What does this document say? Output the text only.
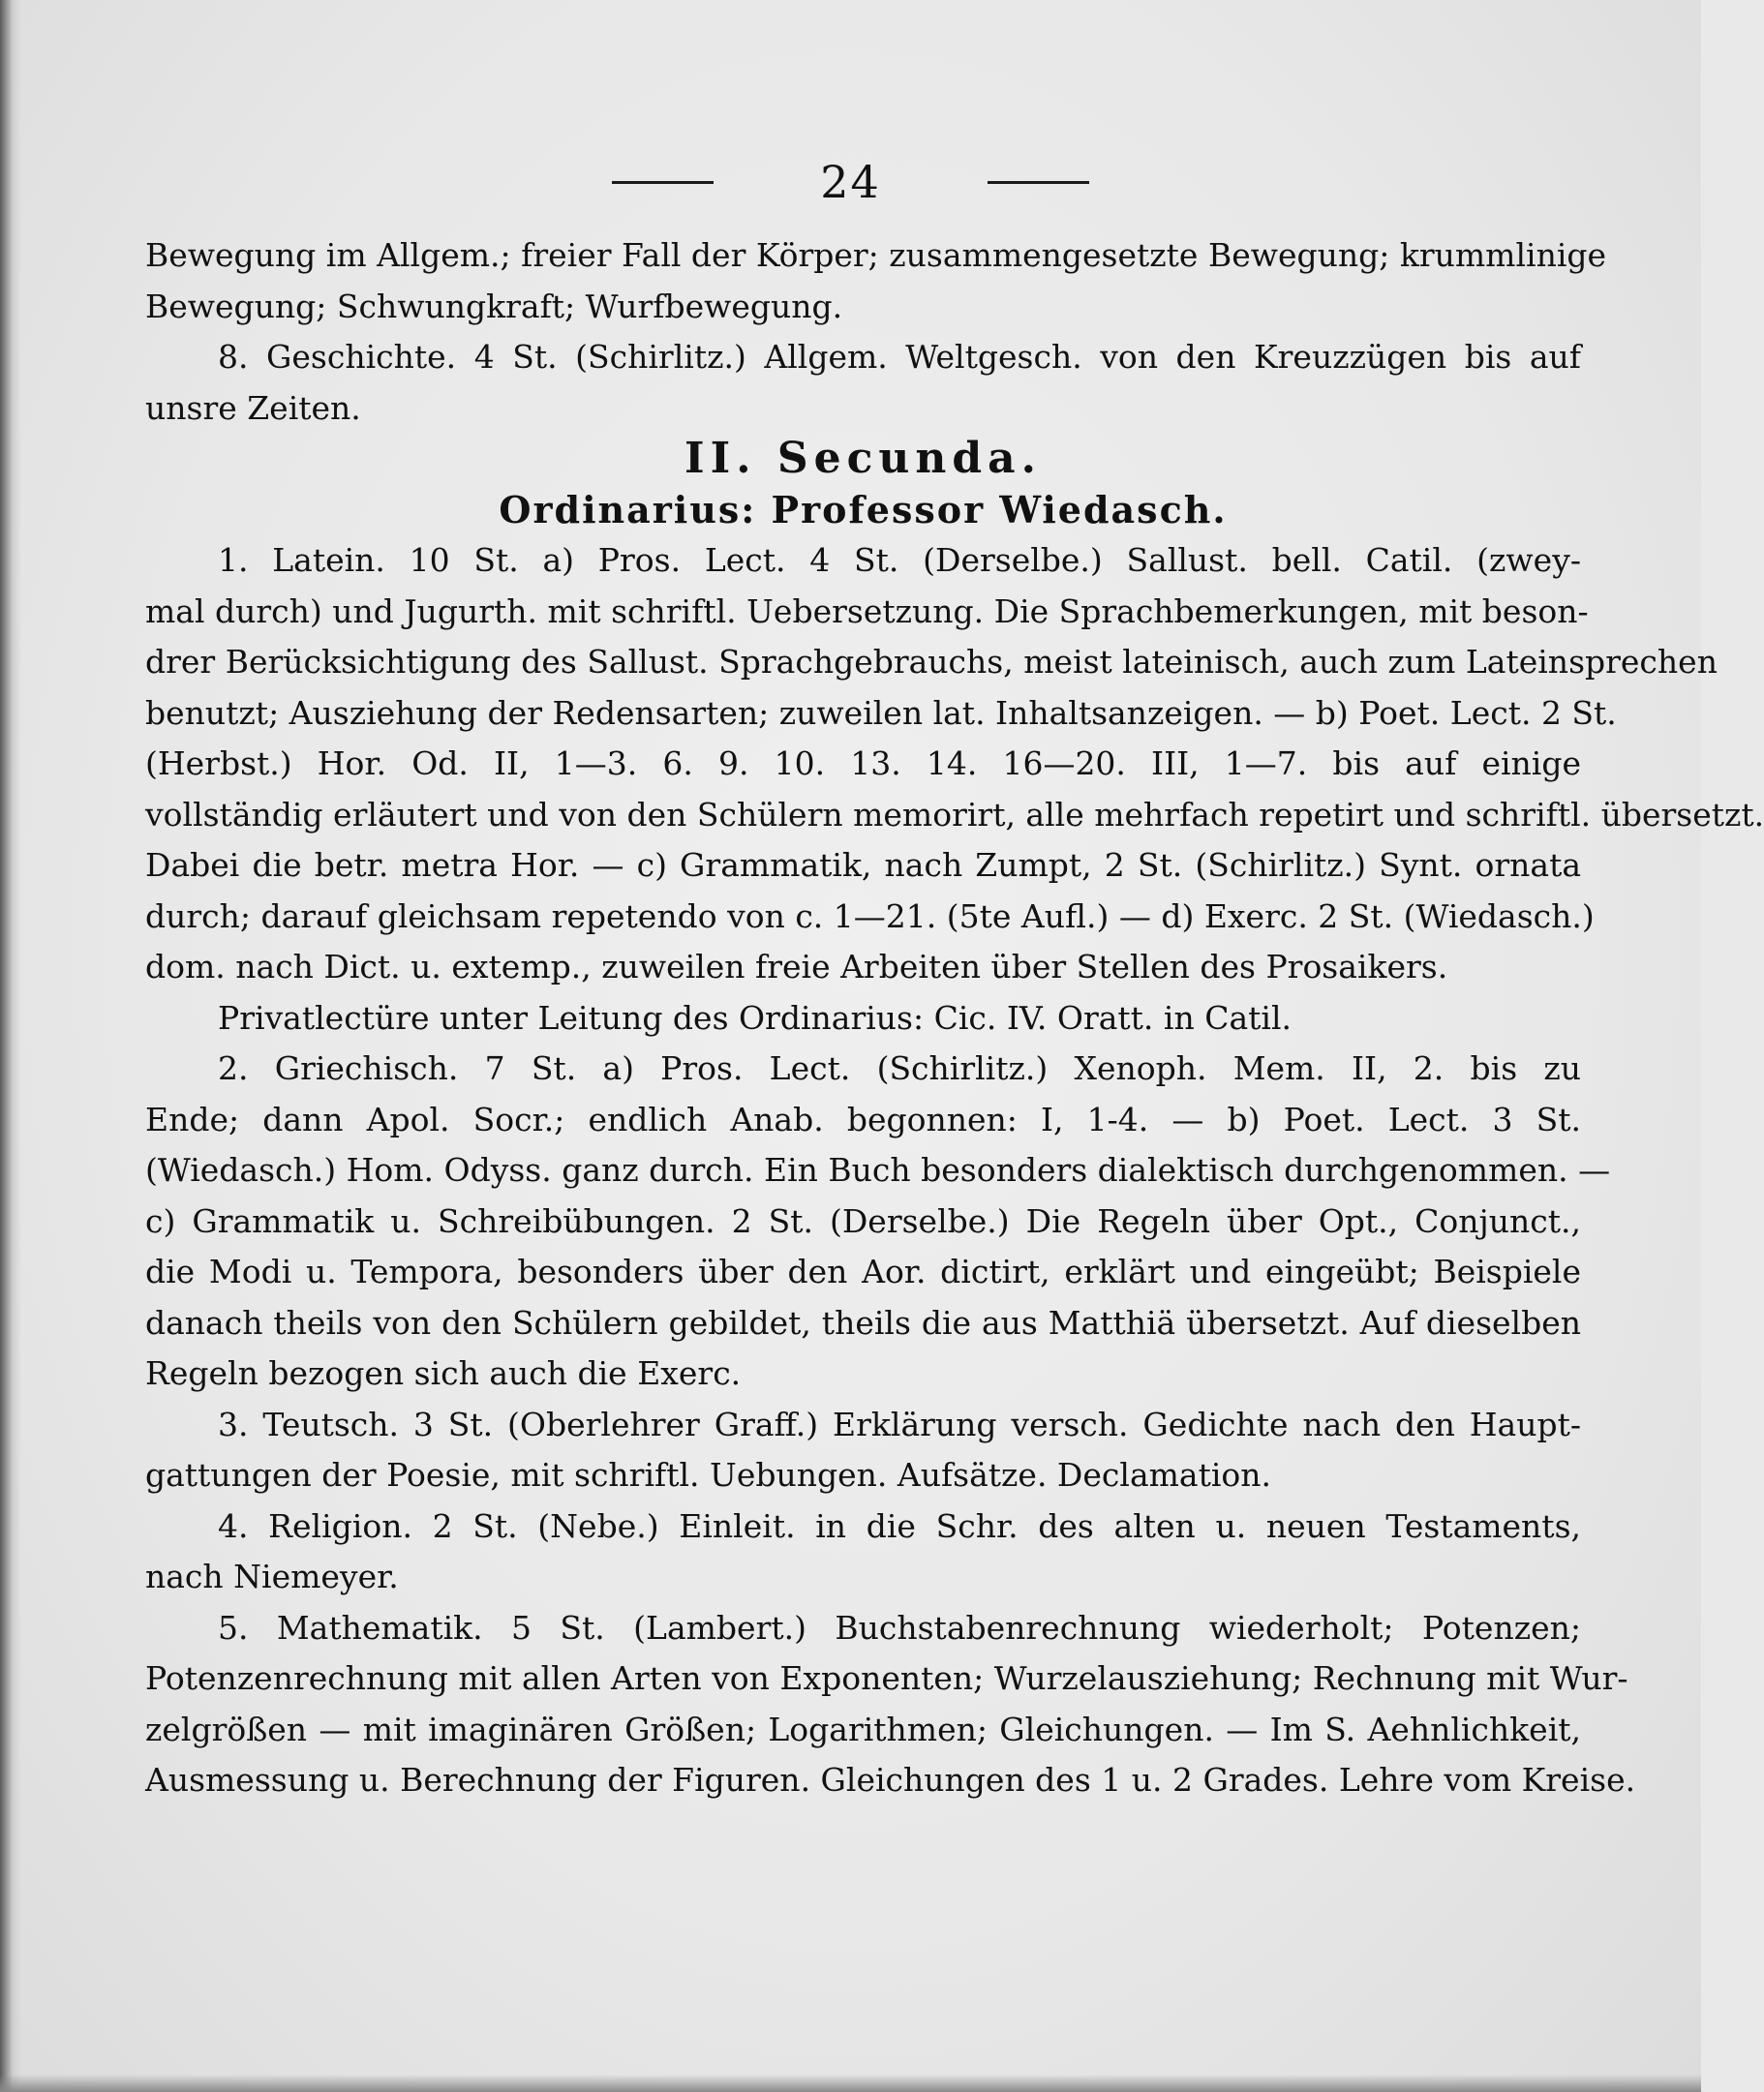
24
Bewegung im Allgem.; freier Fall der Körper; zusammengesetzte Bewegung; krummlinige
Bewegung; Schwungkraft; Wurfbewegung.
8. Geschichte. 4 St. (Schirlitz.) Allgem. Weltgesch. von den Kreuzzügen bis auf
unsre Zeiten.
II. Secunda.
Ordinarius: Professor Wiedasch.
1. Latein. 10 St. a) Pros. Lect. 4 St. (Derselbe.) Sallust. bell. Catil. (zwey-
mal durch) und Jugurth. mit schriftl. Uebersetzung. Die Sprachbemerkungen, mit beson-
drer Berücksichtigung des Sallust. Sprachgebrauchs, meist lateinisch, auch zum Lateinsprechen
benutzt; Ausziehung der Redensarten; zuweilen lat. Inhaltsanzeigen. — b) Poet. Lect. 2 St.
(Herbst.) Hor. Od. II, 1—3. 6. 9. 10. 13. 14. 16—20. III, 1—7. bis auf einige
vollständig erläutert und von den Schülern memorirt, alle mehrfach repetirt und schriftl. übersetzt.
Dabei die betr. metra Hor. — c) Grammatik, nach Zumpt, 2 St. (Schirlitz.) Synt. ornata
durch; darauf gleichsam repetendo von c. 1—21. (5te Aufl.) — d) Exerc. 2 St. (Wiedasch.)
dom. nach Dict. u. extemp., zuweilen freie Arbeiten über Stellen des Prosaikers.
Privatlectüre unter Leitung des Ordinarius: Cic. IV. Oratt. in Catil.
2. Griechisch. 7 St. a) Pros. Lect. (Schirlitz.) Xenoph. Mem. II, 2. bis zu
Ende; dann Apol. Socr.; endlich Anab. begonnen: I, 1-4. — b) Poet. Lect. 3 St.
(Wiedasch.) Hom. Odyss. ganz durch. Ein Buch besonders dialektisch durchgenommen. —
c) Grammatik u. Schreibübungen. 2 St. (Derselbe.) Die Regeln über Opt., Conjunct.,
die Modi u. Tempora, besonders über den Aor. dictirt, erklärt und eingeübt; Beispiele
danach theils von den Schülern gebildet, theils die aus Matthiä übersetzt. Auf dieselben
Regeln bezogen sich auch die Exerc.
3. Teutsch. 3 St. (Oberlehrer Graff.) Erklärung versch. Gedichte nach den Haupt-
gattungen der Poesie, mit schriftl. Uebungen. Aufsätze. Declamation.
4. Religion. 2 St. (Nebe.) Einleit. in die Schr. des alten u. neuen Testaments,
nach Niemeyer.
5. Mathematik. 5 St. (Lambert.) Buchstabenrechnung wiederholt; Potenzen;
Potenzenrechnung mit allen Arten von Exponenten; Wurzelausziehung; Rechnung mit Wur-
zelgrößen — mit imaginären Größen; Logarithmen; Gleichungen. — Im S. Aehnlichkeit,
Ausmessung u. Berechnung der Figuren. Gleichungen des 1 u. 2 Grades. Lehre vom Kreise.
